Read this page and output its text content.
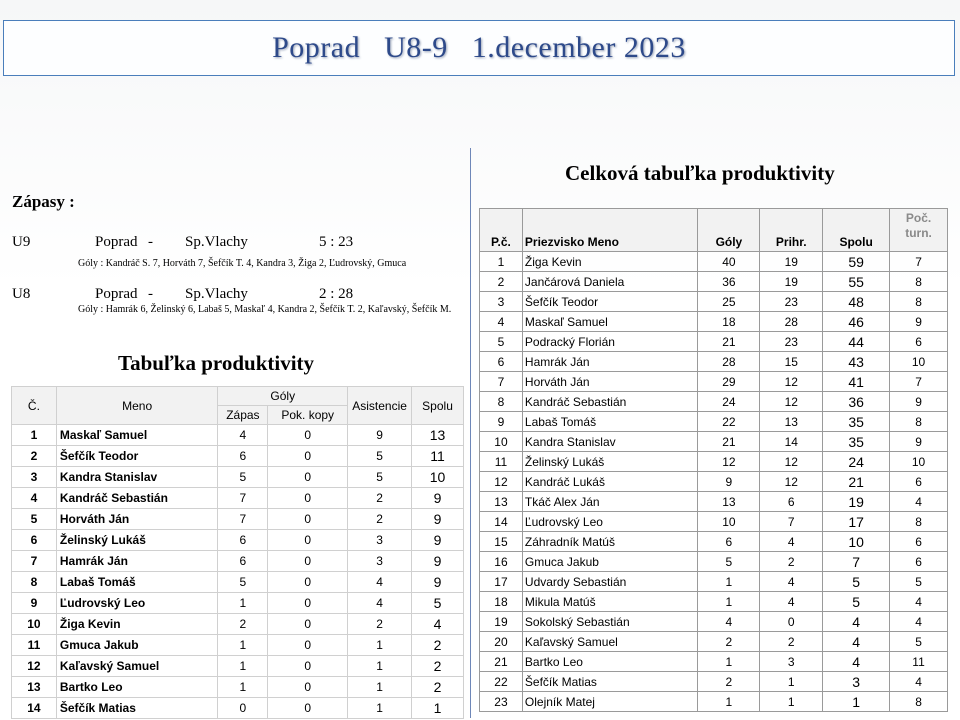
Poprad   U8-9   1.december 2023
Zápasy :
U9	Poprad - Sp.Vlachy	5 : 23
Góly : Kandráč S. 7, Horváth 7, Šefčík T. 4, Kandra 3, Žiga 2, Ľudrovský, Gmuca
U8	Poprad - Sp.Vlachy	2 : 28
Góly : Hamrák 6, Želinský 6, Labaš 5, Maskaľ 4, Kandra 2, Šefčík T. 2, Kaľavský, Šefčík M.
Tabuľka produktivity
Č.	Meno	Góly		Asistencie	Spolu
		Zápas	Pok. kopy		
1	Maskaľ Samuel	4	0	9	13
2	Šefčík Teodor	6	0	5	11
3	Kandra Stanislav	5	0	5	10
4	Kandráč Sebastián	7	0	2	9
5	Horváth Ján	7	0	2	9
6	Želinský Lukáš	6	0	3	9
7	Hamrák Ján	6	0	3	9
8	Labaš Tomáš	5	0	4	9
9	Ľudrovský Leo	1	0	4	5
10	Žiga Kevin	2	0	2	4
11	Gmuca Jakub	1	0	1	2
12	Kaľavský Samuel	1	0	1	2
13	Bartko Leo	1	0	1	2
14	Šefčík Matias	0	0	1	1
Celková tabuľka produktivity
P.č.	Priezvisko Meno	Góly	Prihr.	Spolu	Poč.
turn.
1	Žiga Kevin	40	19	59	7
2	Jančárová Daniela	36	19	55	8
3	Šefčík Teodor	25	23	48	8
4	Maskaľ Samuel	18	28	46	9
5	Podracký Florián	21	23	44	6
6	Hamrák Ján	28	15	43	10
7	Horváth Ján	29	12	41	7
8	Kandráč Sebastián	24	12	36	9
9	Labaš Tomáš	22	13	35	8
10	Kandra Stanislav	21	14	35	9
11	Želinský Lukáš	12	12	24	10
12	Kandráč Lukáš	9	12	21	6
13	Tkáč Alex Ján	13	6	19	4
14	Ľudrovský Leo	10	7	17	8
15	Záhradník Matúš	6	4	10	6
16	Gmuca Jakub	5	2	7	6
17	Udvardy Sebastián	1	4	5	5
18	Mikula Matúš	1	4	5	4
19	Sokolský Sebastián	4	0	4	4
20	Kaľavský Samuel	2	2	4	5
21	Bartko Leo	1	3	4	11
22	Šefčík Matias	2	1	3	4
23	Olejník Matej	1	1	1	8
